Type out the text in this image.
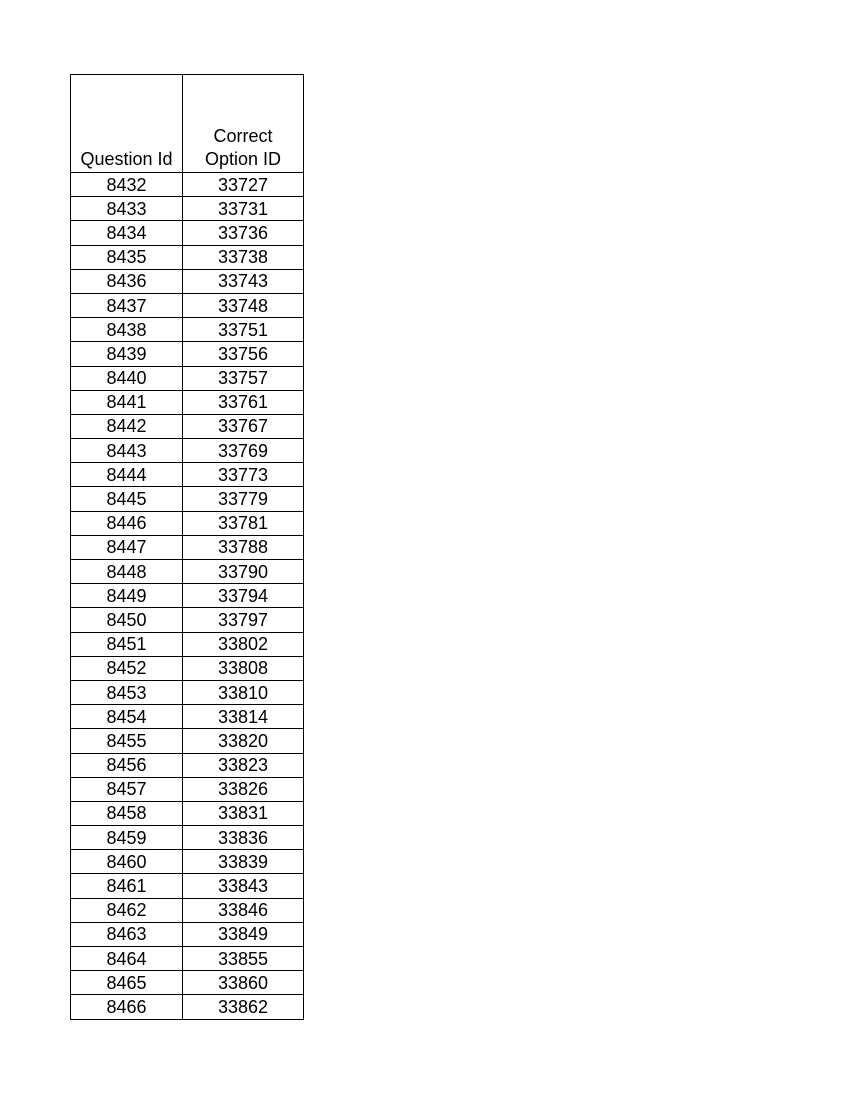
Question Id	Correct
Option ID

8432	33727
8433	33731
8434	33736
8435	33738
8436	33743
8437	33748
8438	33751
8439	33756
8440	33757
8441	33761
8442	33767
8443	33769
8444	33773
8445	33779
8446	33781
8447	33788
8448	33790
8449	33794
8450	33797
8451	33802
8452	33808
8453	33810
8454	33814
8455	33820
8456	33823
8457	33826
8458	33831
8459	33836
8460	33839
8461	33843
8462	33846
8463	33849
8464	33855
8465	33860
8466	33862
